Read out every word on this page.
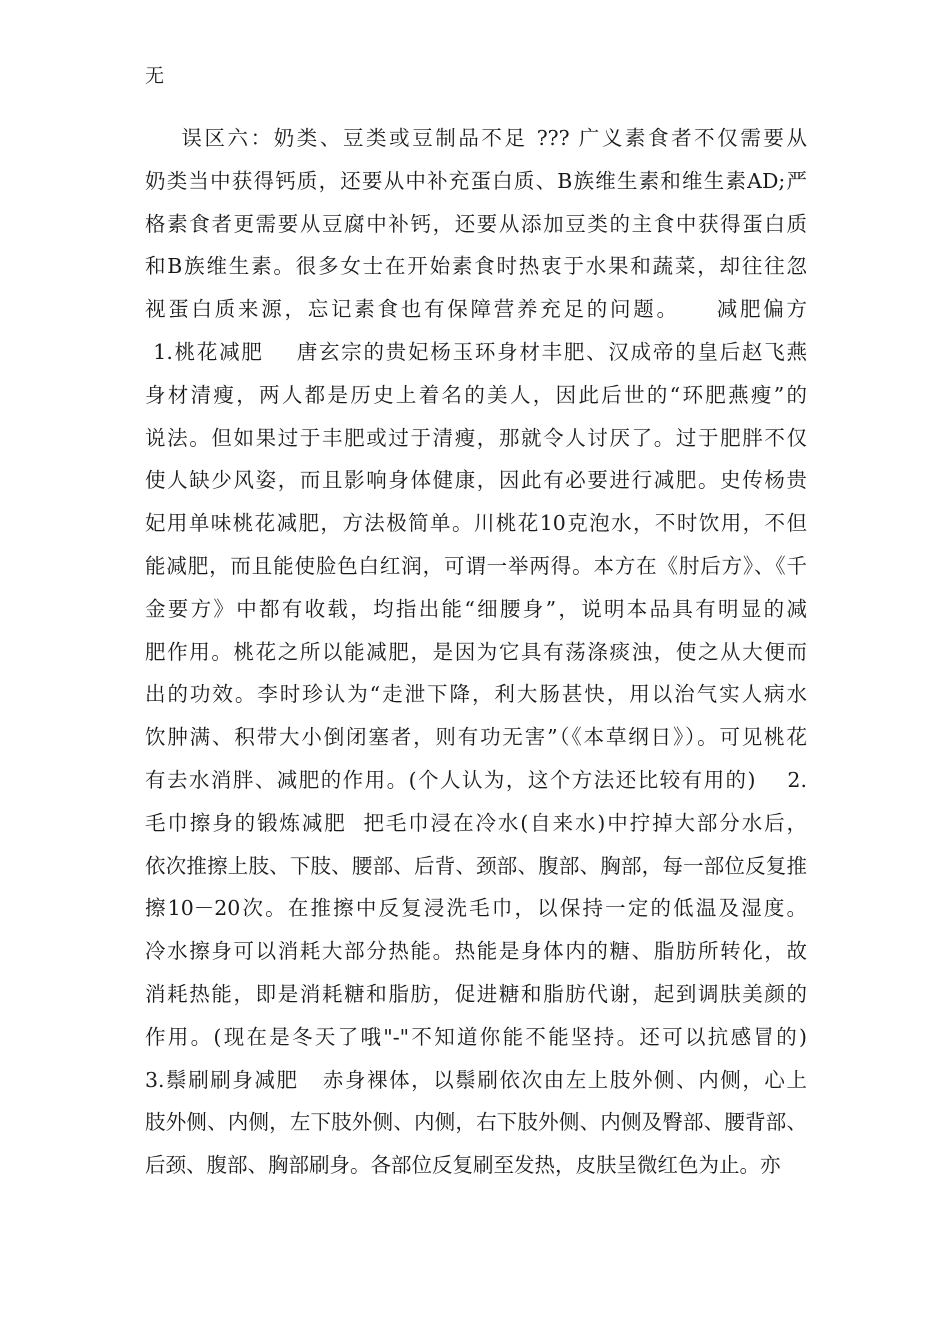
无
误区六：奶类、豆类或豆制品不足 ??? 广义素食者不仅需要从
奶类当中获得钙质，还要从中补充蛋白质、B族维生素和维生素AD;严
格素食者更需要从豆腐中补钙，还要从添加豆类的主食中获得蛋白质
和B族维生素。很多女士在开始素食时热衷于水果和蔬菜，却往往忽
视蛋白质来源，忘记素食也有保障营养充足的问题。    减肥偏方
1.桃花减肥    唐玄宗的贵妃杨玉环身材丰肥、汉成帝的皇后赵飞燕
身材清瘦，两人都是历史上着名的美人，因此后世的“环肥燕瘦”的
说法。但如果过于丰肥或过于清瘦，那就令人讨厌了。过于肥胖不仅
使人缺少风姿，而且影响身体健康，因此有必要进行减肥。史传杨贵
妃用单味桃花减肥，方法极简单。川桃花10克泡水，不时饮用，不但
能减肥，而且能使脸色白红润，可谓一举两得。本方在《肘后方》、《千
金要方》中都有收载，均指出能“细腰身”，说明本品具有明显的减
肥作用。桃花之所以能减肥，是因为它具有荡涤痰浊，使之从大便而
出的功效。李时珍认为“走泄下降，利大肠甚快，用以治气实人病水
饮肿满、积带大小倒闭塞者，则有功无害”（《本草纲日》）。可见桃花
有去水消胖、减肥的作用。(个人认为，这个方法还比较有用的)    2.
毛巾擦身的锻炼减肥  把毛巾浸在冷水(自来水)中拧掉大部分水后，
依次推擦上肢、下肢、腰部、后背、颈部、腹部、胸部，每一部位反复推
擦10－20次。在推擦中反复浸洗毛巾，以保持一定的低温及湿度。
冷水擦身可以消耗大部分热能。热能是身体内的糖、脂肪所转化，故
消耗热能，即是消耗糖和脂肪，促进糖和脂肪代谢，起到调肤美颜的
作用。(现在是冬天了哦"-"不知道你能不能坚持。还可以抗感冒的)
3.鬃刷刷身减肥   赤身裸体，以鬃刷依次由左上肢外侧、内侧，心上
肢外侧、内侧，左下肢外侧、内侧，右下肢外侧、内侧及臀部、腰背部、
后颈、腹部、胸部刷身。各部位反复刷至发热，皮肤呈微红色为止。亦
